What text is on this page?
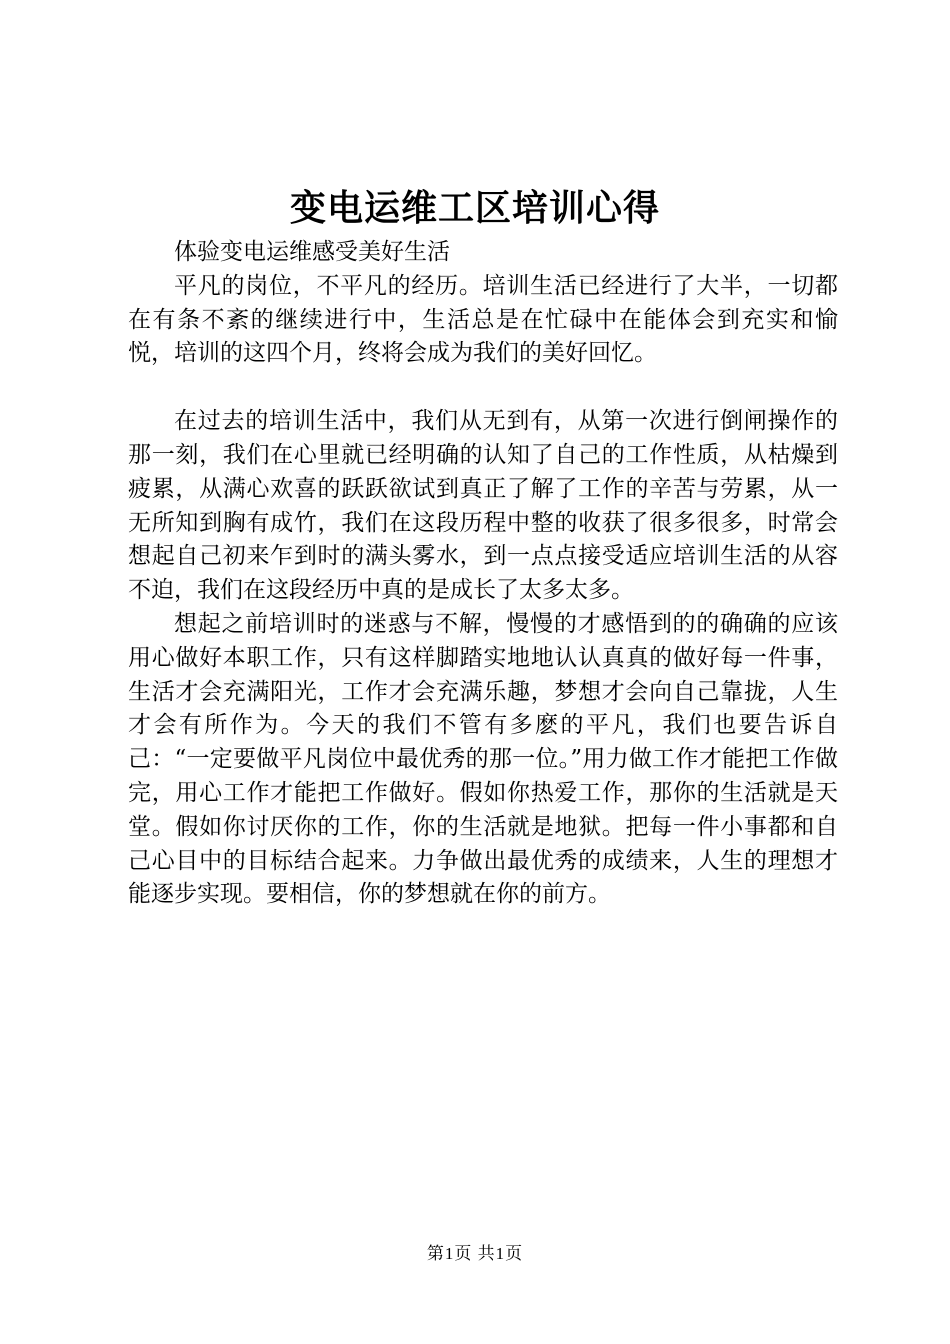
变电运维工区培训心得

体验变电运维感受美好生活

平凡的岗位，不平凡的经历。培训生活已经进行了大半，一切都在有条不紊的继续进行中，生活总是在忙碌中在能体会到充实和愉悦，培训的这四个月，终将会成为我们的美好回忆。

在过去的培训生活中，我们从无到有，从第一次进行倒闸操作的那一刻，我们在心里就已经明确的认知了自己的工作性质，从枯燥到疲累，从满心欢喜的跃跃欲试到真正了解了工作的辛苦与劳累，从一无所知到胸有成竹，我们在这段历程中整的收获了很多很多，时常会想起自己初来乍到时的满头雾水，到一点点接受适应培训生活的从容不迫，我们在这段经历中真的是成长了太多太多。

想起之前培训时的迷惑与不解，慢慢的才感悟到的的确确的应该用心做好本职工作，只有这样脚踏实地地认认真真的做好每一件事，生活才会充满阳光，工作才会充满乐趣，梦想才会向自己靠拢，人生才会有所作为。今天的我们不管有多麽的平凡，我们也要告诉自己：“一定要做平凡岗位中最优秀的那一位。”用力做工作才能把工作做完，用心工作才能把工作做好。假如你热爱工作，那你的生活就是天堂。假如你讨厌你的工作，你的生活就是地狱。把每一件小事都和自己心目中的目标结合起来。力争做出最优秀的成绩来，人生的理想才能逐步实现。要相信，你的梦想就在你的前方。

第1页 共1页
